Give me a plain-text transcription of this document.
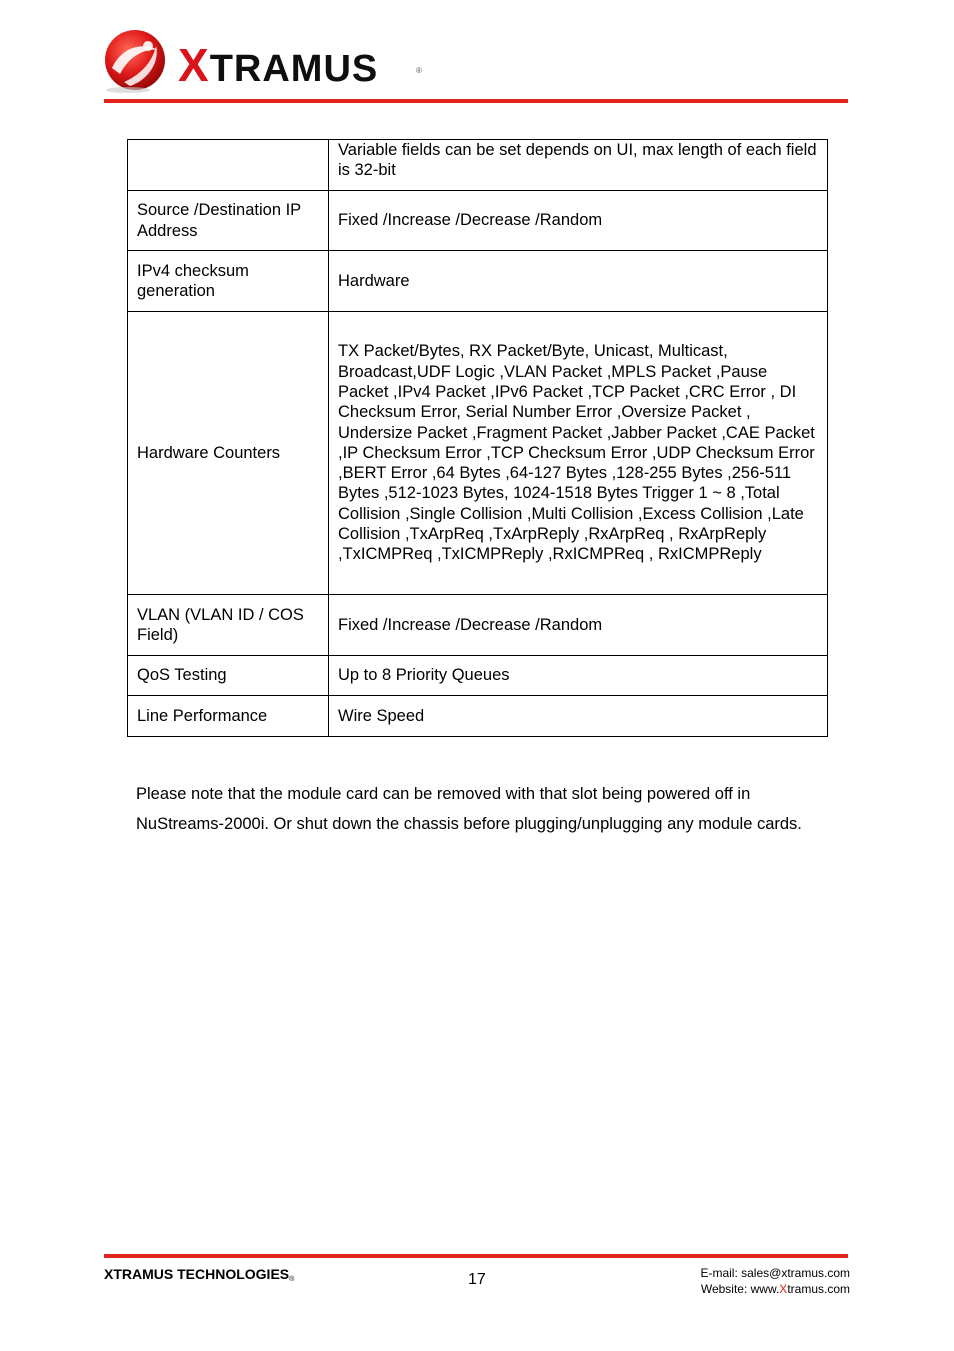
XTRAMUS	®
	Variable fields can be set depends on UI, max length of each field is 32-bit
Source /Destination IP Address	Fixed /Increase /Decrease /Random
IPv4 checksum generation	Hardware
Hardware Counters	TX Packet/Bytes, RX Packet/Byte, Unicast, Multicast, Broadcast,UDF Logic ,VLAN Packet ,MPLS Packet ,Pause Packet ,IPv4 Packet ,IPv6 Packet ,TCP Packet ,CRC Error , DI Checksum Error, Serial Number Error ,Oversize Packet , Undersize Packet ,Fragment Packet ,Jabber Packet ,CAE Packet ,IP Checksum Error ,TCP Checksum Error ,UDP Checksum Error ,BERT Error ,64 Bytes ,64-127 Bytes ,128-255 Bytes ,256-511 Bytes ,512-1023 Bytes, 1024-1518 Bytes Trigger 1 ~ 8 ,Total Collision ,Single Collision ,Multi Collision ,Excess Collision ,Late Collision ,TxArpReq ,TxArpReply ,RxArpReq , RxArpReply ,TxICMPReq ,TxICMPReply ,RxICMPReq , RxICMPReply
VLAN (VLAN ID / COS Field)	Fixed /Increase /Decrease /Random
QoS Testing	Up to 8 Priority Queues
Line Performance	Wire Speed

Please note that the module card can be removed with that slot being powered off in NuStreams-2000i. Or shut down the chassis before plugging/unplugging any module cards.

XTRAMUS $TECHNOLOGIES_®$	17	E-mail: sales@xtramus.com
Website: www.Xtramus.com
